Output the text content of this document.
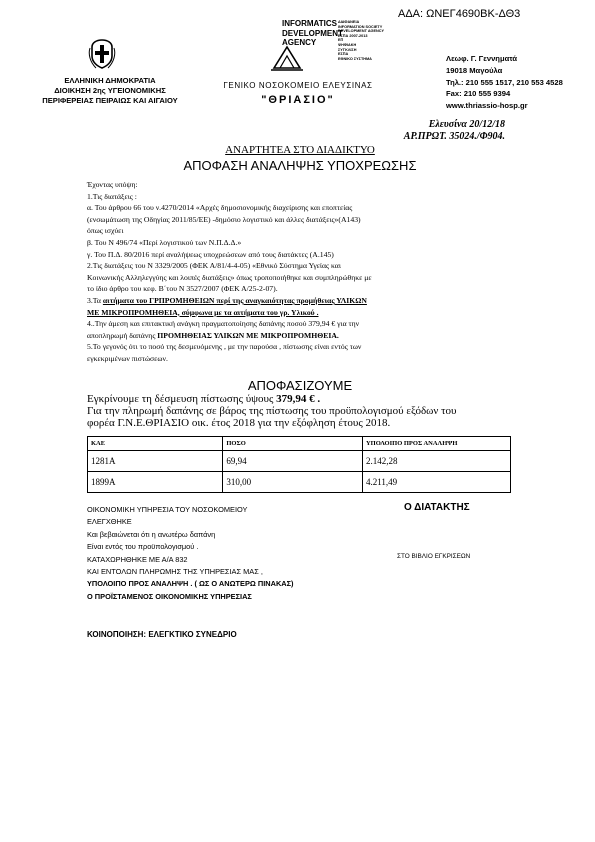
ΑΔΑ: ΩΝΕΓ4690ΒΚ-ΔΘ3
ΕΛΛΗΝΙΚΗ ΔΗΜΟΚΡΑΤΙΑ
ΔΙΟΙΚΗΣΗ 2ης ΥΓΕΙΟΝΟΜΙΚΗΣ
ΠΕΡΙΦΕΡΕΙΑΣ ΠΕΙΡΑΙΩΣ ΚΑΙ ΑΙΓΑΙΟΥ
INFORMATICS
DEVELOPMENT
AGENCY
ΔΙΑΦΑΝΕΙΑ
INFORMATION SOCIETY
DEVELOPMENT AGENCY
ΕΣΠΑ 2007-2013
ΕΠ
ΨΗΦΙΑΚΗ
ΣΥΓΚΛΙΣΗ
ΕΣΠΑ
ΕΘΝΙΚΟ ΣΥΣΤΗΜΑ
ΓΕΝΙΚΟ ΝΟΣΟΚΟΜΕΙΟ ΕΛΕΥΣΙΝΑΣ
"ΘΡΙΑΣΙΟ"
Λεωφ. Γ. Γεννηματά
19018 Μαγούλα
Τηλ.: 210 555 1517, 210 553 4528
Fax: 210 555 9394
www.thriassio-hosp.gr
Ελευσίνα 20/12/18
ΑΡ.ΠΡΩΤ. 35024./Φ904.
ΑΝΑΡΤΗΤΕΑ ΣΤΟ ΔΙΑΔΙΚΤΥΟ
ΑΠΟΦΑΣΗ ΑΝΑΛΗΨΗΣ ΥΠΟΧΡΕΩΣΗΣ

Έχοντας υπόψη:

1.Τις διατάξεις :

α. Του άρθρου 66 του ν.4270/2014 «Αρχές δημοσιονομικής διαχείρισης και εποπτείας

(ενσωμάτωση της Οδηγίας 2011/85/ΕΕ) -δημόσιο λογιστικό και άλλες διατάξεις»(Α143)

όπως ισχύει

β. Του Ν 496/74 «Περί λογιστικού των Ν.Π.Δ.Δ.»

γ. Του Π.Δ. 80/2016 περί αναλήψεως υποχρεώσεων από τους διατάκτες (Α.145)

2.Τις διατάξεις του Ν 3329/2005 (ΦΕΚ Α/81/4-4-05) «Εθνικό Σύστημα Υγείας και

Κοινωνικής Αλληλεγγύης και λοιπές διατάξεις» όπως τροποποιήθηκε και συμπληρώθηκε με

το ίδιο άρθρο του κεφ. Β΄του Ν 3527/2007 (ΦΕΚ Α/25-2-07).

3.Τα αιτήματα του ΓΡΠΡΟΜΗΘΕΙΩΝ περί της αναγκαιότητας προμήθειας ΥΛΙΚΩΝ

ΜΕ ΜΙΚΡΟΠΡΟΜΗΘΕΙΑ, σύμφωνα με τα αιτήματα του γρ. Υλικού .

4..Την άμεση και επιτακτική ανάγκη πραγματοποίησης δαπάνης ποσού 379,94 € για την

αποπληρωμή δαπάνης ΠΡΟΜΗΘΕΙΑΣ ΥΛΙΚΩΝ ΜΕ ΜΙΚΡΟΠΡΟΜΗΘΕΙΑ.

5.Το γεγονός ότι το ποσό της δεσμευόμενης , με την παρούσα , πίστωσης είναι εντός των

εγκεκριμένων πιστώσεων.

ΑΠΟΦΑΣΙΖΟΥΜΕ
Εγκρίνουμε τη δέσμευση πίστωσης ύψους 379,94 € .
Για την πληρωμή δαπάνης σε βάρος της πίστωσης του προϋπολογισμού εξόδων του
φορέα Γ.Ν.Ε.ΘΡΙΑΣΙΟ οικ. έτος 2018 για την εξόφληση έτους 2018.
ΚΑΕ	ΠΟΣΟ	ΥΠΟΛΟΙΠΟ ΠΡΟΣ ΑΝΑΛΗΨΗ
1281Α	69,94	2.142,28
1899Α	310,00	4.211,49
ΟΙΚΟΝΟΜΙΚΗ ΥΠΗΡΕΣΙΑ ΤΟΥ ΝΟΣΟΚΟΜΕΙΟΥ
ΕΛΕΓΧΘΗΚΕ
Και βεβαιώνεται ότι η ανωτέρω δαπάνη
Είναι εντός του προϋπολογισμού .
ΚΑΤΑΧΩΡΗΘΗΚΕ ΜΕ Α/Α 832
ΚΑΙ ΕΝΤΟΛΩΝ ΠΛΗΡΩΜΗΣ ΤΗΣ ΥΠΗΡΕΣΙΑΣ ΜΑΣ ,
ΥΠΟΛΟΙΠΟ ΠΡΟΣ ΑΝΑΛΗΨΗ . ( ΩΣ Ο ΑΝΩΤΕΡΩ ΠΙΝΑΚΑΣ)
Ο ΠΡΟΪΣΤΑΜΕΝΟΣ ΟΙΚΟΝΟΜΙΚΗΣ ΥΠΗΡΕΣΙΑΣ
Ο ΔΙΑΤΑΚΤΗΣ
ΣΤΟ ΒΙΒΛΙΟ ΕΓΚΡΙΣΕΩΝ
ΚΟΙΝΟΠΟΙΗΣΗ: ΕΛΕΓΚΤΙΚΟ ΣΥΝΕΔΡΙΟ
